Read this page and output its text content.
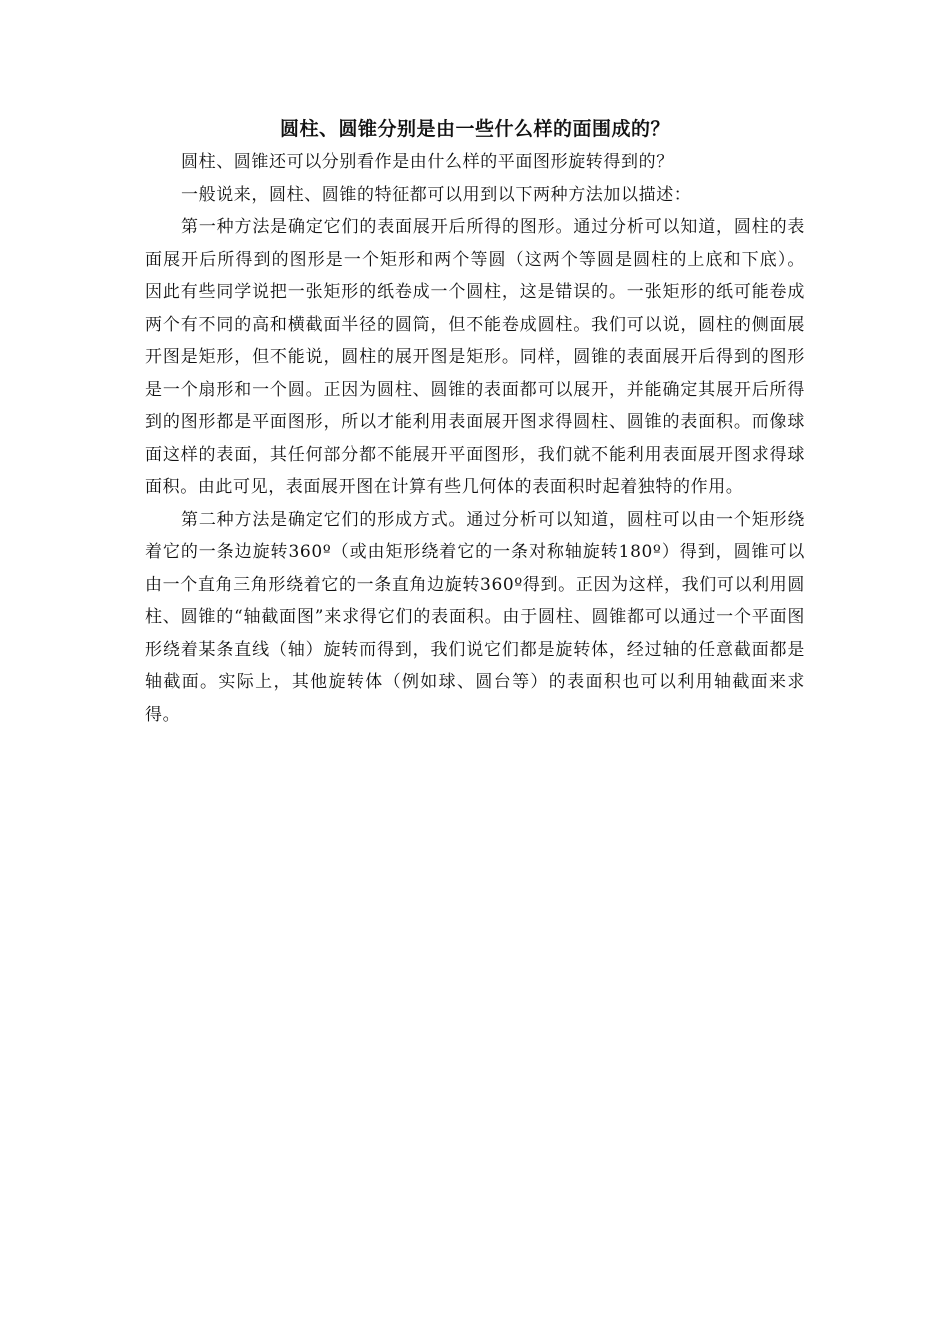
圆柱、圆锥分别是由一些什么样的面围成的？

圆柱、圆锥还可以分别看作是由什么样的平面图形旋转得到的？

一般说来，圆柱、圆锥的特征都可以用到以下两种方法加以描述：

第一种方法是确定它们的表面展开后所得的图形。通过分析可以知道，圆柱的表面展开后所得到的图形是一个矩形和两个等圆（这两个等圆是圆柱的上底和下底）。因此有些同学说把一张矩形的纸卷成一个圆柱，这是错误的。一张矩形的纸可能卷成两个有不同的高和横截面半径的圆筒，但不能卷成圆柱。我们可以说，圆柱的侧面展开图是矩形，但不能说，圆柱的展开图是矩形。同样，圆锥的表面展开后得到的图形是一个扇形和一个圆。正因为圆柱、圆锥的表面都可以展开，并能确定其展开后所得到的图形都是平面图形，所以才能利用表面展开图求得圆柱、圆锥的表面积。而像球面这样的表面，其任何部分都不能展开平面图形，我们就不能利用表面展开图求得球面积。由此可见，表面展开图在计算有些几何体的表面积时起着独特的作用。

第二种方法是确定它们的形成方式。通过分析可以知道，圆柱可以由一个矩形绕着它的一条边旋转360º（或由矩形绕着它的一条对称轴旋转180º）得到，圆锥可以由一个直角三角形绕着它的一条直角边旋转360º得到。正因为这样，我们可以利用圆柱、圆锥的“轴截面图”来求得它们的表面积。由于圆柱、圆锥都可以通过一个平面图形绕着某条直线（轴）旋转而得到，我们说它们都是旋转体，经过轴的任意截面都是轴截面。实际上，其他旋转体（例如球、圆台等）的表面积也可以利用轴截面来求得。
